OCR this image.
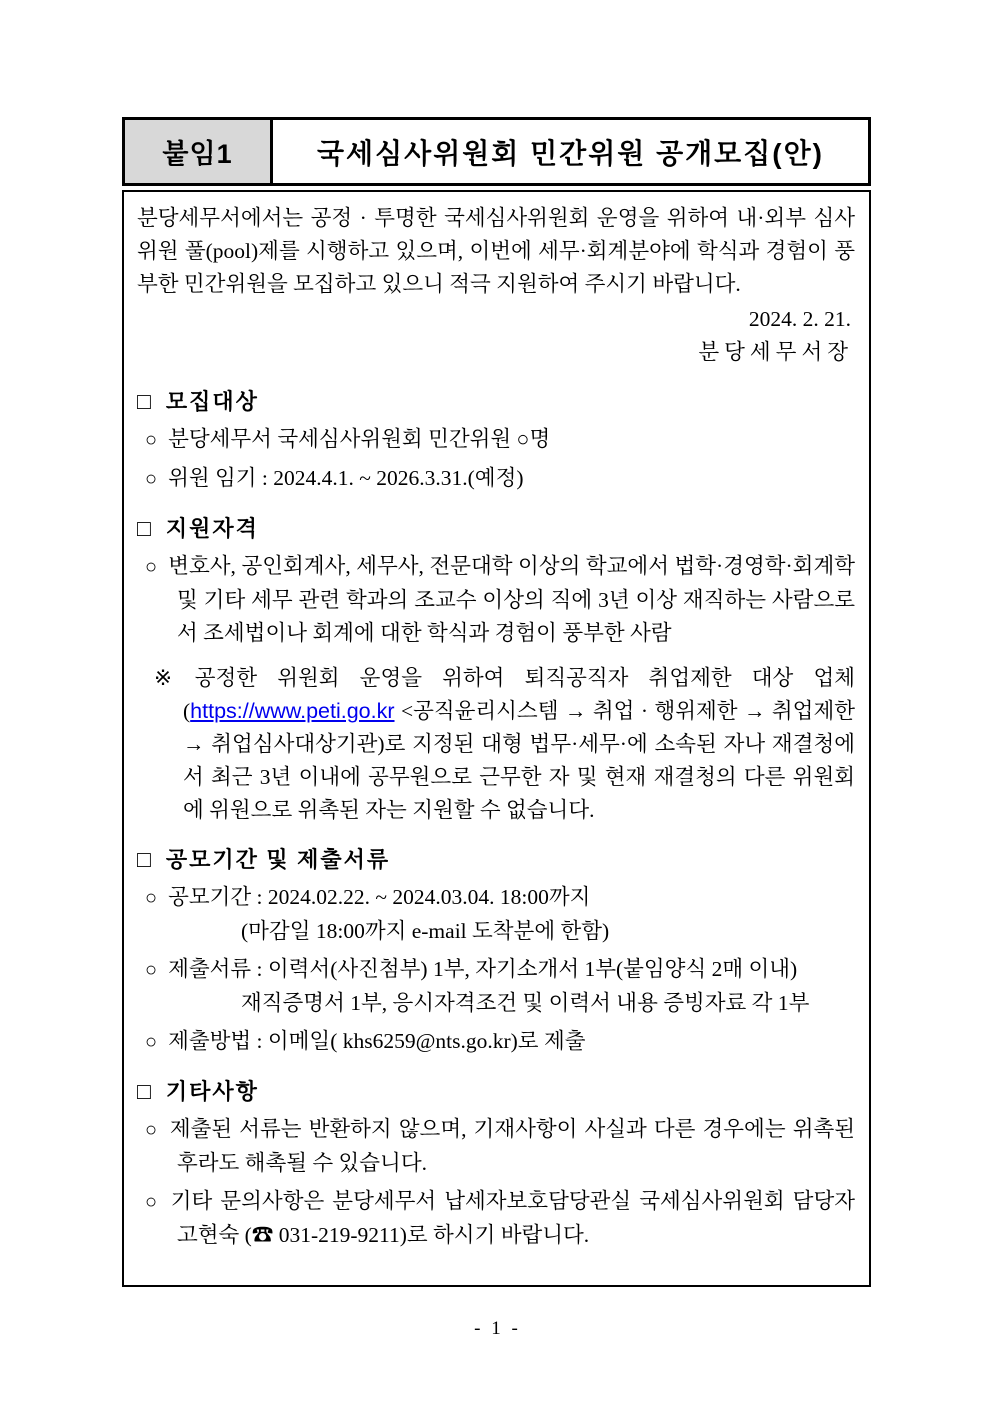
붙임1	국세심사위원회 민간위원 공개모집(안)

분당세무서에서는 공정 · 투명한 국세심사위원회 운영을 위하여 내·외부 심사위원 풀(pool)제를 시행하고 있으며, 이번에 세무·회계분야에 학식과 경험이 풍부한 민간위원을 모집하고 있으니 적극 지원하여 주시기 바랍니다.

2024. 2. 21.

분당세무서장

□ 모집대상

○ 분당세무서 국세심사위원회 민간위원 ○명

○ 위원 임기 : 2024.4.1. ~ 2026.3.31.(예정)

□ 지원자격

○ 변호사, 공인회계사, 세무사, 전문대학 이상의 학교에서 법학·경영학·회계학 및 기타 세무 관련 학과의 조교수 이상의 직에 3년 이상 재직하는 사람으로서 조세법이나 회계에 대한 학식과 경험이 풍부한 사람

※ 공정한 위원회 운영을 위하여 퇴직공직자 취업제한 대상 업체 (https://www.peti.go.kr <공직윤리시스템 → 취업 · 행위제한 → 취업제한 → 취업심사대상기관)로 지정된 대형 법무·세무·에 소속된 자나 재결청에서 최근 3년 이내에 공무원으로 근무한 자 및 현재 재결청의 다른 위원회에 위원으로 위촉된 자는 지원할 수 없습니다.

□ 공모기간 및 제출서류

○ 공모기간 : 2024.02.22. ~ 2024.03.04. 18:00까지

(마감일 18:00까지 e-mail 도착분에 한함)

○ 제출서류 : 이력서(사진첨부) 1부, 자기소개서 1부(붙임양식 2매 이내)

재직증명서 1부, 응시자격조건 및 이력서 내용 증빙자료 각 1부

○ 제출방법 : 이메일( khs6259@nts.go.kr)로 제출

□ 기타사항

○ 제출된 서류는 반환하지 않으며, 기재사항이 사실과 다른 경우에는 위촉된 후라도 해촉될 수 있습니다.

○ 기타 문의사항은 분당세무서 납세자보호담당관실 국세심사위원회 담당자 고현숙 (☎ 031-219-9211)로 하시기 바랍니다.

- 1 -
